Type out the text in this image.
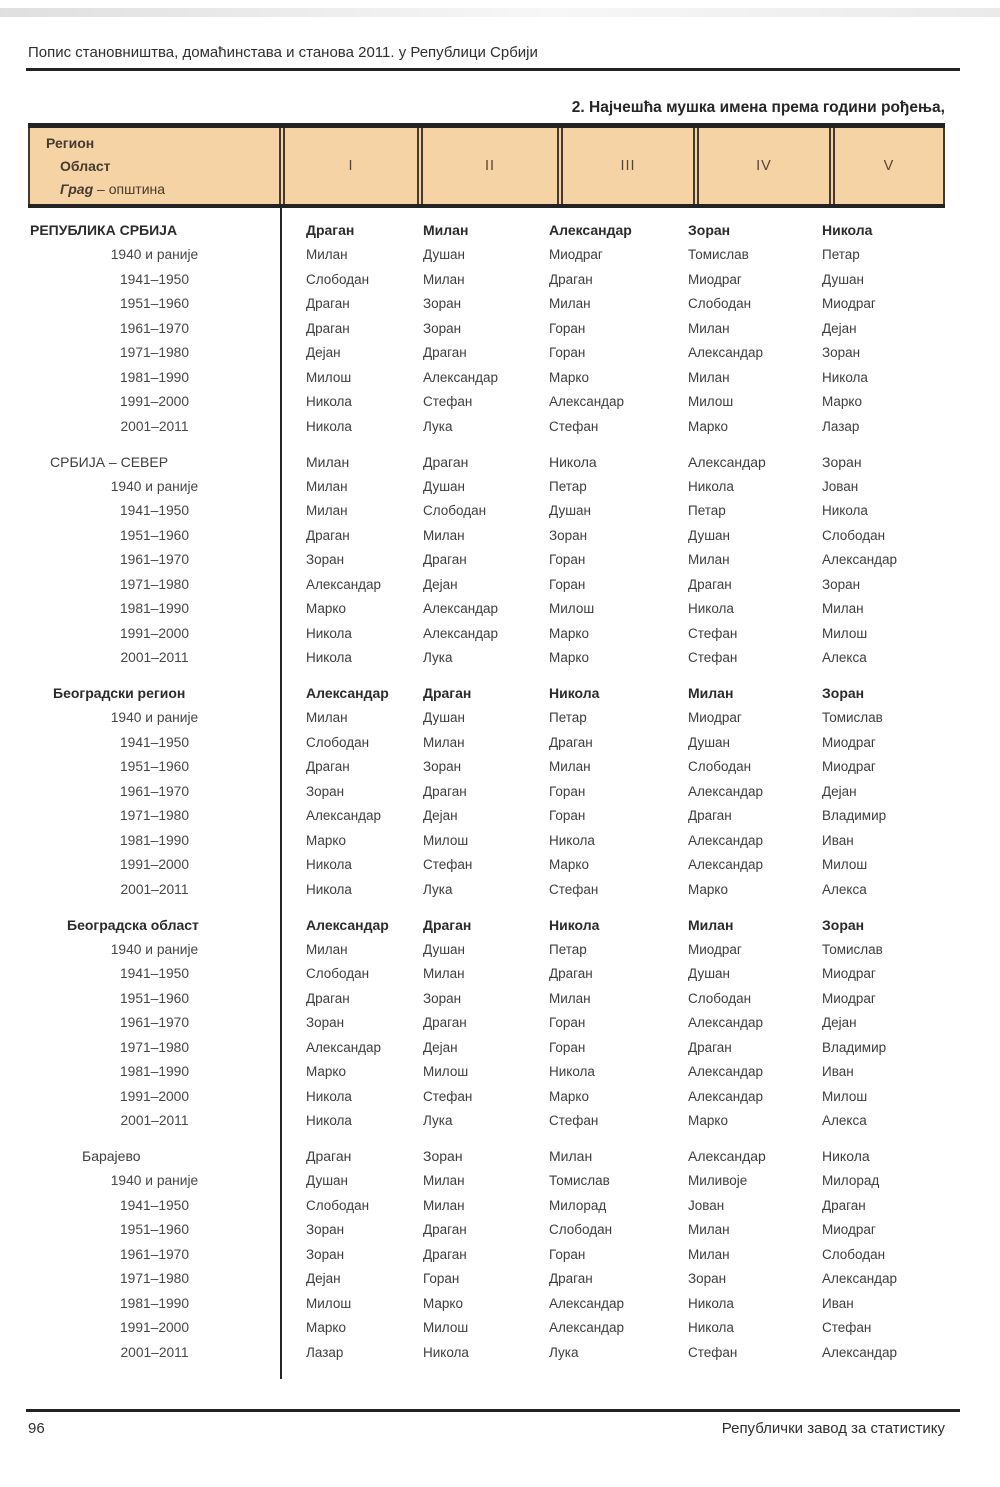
Попис становништва, домаћинстава и станова 2011. у Републици Србији
2. Најчешћа мушка имена према години рођења,
Регион
Област
Град – општина
I	II	III	IV	V
РЕПУБЛИКА СРБИЈА	Драган	Милан	Александар	Зоран	Никола
1940 и раније	Милан	Душан	Миодраг	Томислав	Петар
1941–1950	Слободан	Милан	Драган	Миодраг	Душан
1951–1960	Драган	Зоран	Милан	Слободан	Миодраг
1961–1970	Драган	Зоран	Горан	Милан	Дејан
1971–1980	Дејан	Драган	Горан	Александар	Зоран
1981–1990	Милош	Александар	Марко	Милан	Никола
1991–2000	Никола	Стефан	Александар	Милош	Марко
2001–2011	Никола	Лука	Стефан	Марко	Лазар
СРБИЈА – СЕВЕР	Милан	Драган	Никола	Александар	Зоран
1940 и раније	Милан	Душан	Петар	Никола	Јован
1941–1950	Милан	Слободан	Душан	Петар	Никола
1951–1960	Драган	Милан	Зоран	Душан	Слободан
1961–1970	Зоран	Драган	Горан	Милан	Александар
1971–1980	Александар	Дејан	Горан	Драган	Зоран
1981–1990	Марко	Александар	Милош	Никола	Милан
1991–2000	Никола	Александар	Марко	Стефан	Милош
2001–2011	Никола	Лука	Марко	Стефан	Алекса
Београдски регион	Александар	Драган	Никола	Милан	Зоран
1940 и раније	Милан	Душан	Петар	Миодраг	Томислав
1941–1950	Слободан	Милан	Драган	Душан	Миодраг
1951–1960	Драган	Зоран	Милан	Слободан	Миодраг
1961–1970	Зоран	Драган	Горан	Александар	Дејан
1971–1980	Александар	Дејан	Горан	Драган	Владимир
1981–1990	Марко	Милош	Никола	Александар	Иван
1991–2000	Никола	Стефан	Марко	Александар	Милош
2001–2011	Никола	Лука	Стефан	Марко	Алекса
Београдска област	Александар	Драган	Никола	Милан	Зоран
1940 и раније	Милан	Душан	Петар	Миодраг	Томислав
1941–1950	Слободан	Милан	Драган	Душан	Миодраг
1951–1960	Драган	Зоран	Милан	Слободан	Миодраг
1961–1970	Зоран	Драган	Горан	Александар	Дејан
1971–1980	Александар	Дејан	Горан	Драган	Владимир
1981–1990	Марко	Милош	Никола	Александар	Иван
1991–2000	Никола	Стефан	Марко	Александар	Милош
2001–2011	Никола	Лука	Стефан	Марко	Алекса
Барајево	Драган	Зоран	Милан	Александар	Никола
1940 и раније	Душан	Милан	Томислав	Миливоје	Милорад
1941–1950	Слободан	Милан	Милорад	Јован	Драган
1951–1960	Зоран	Драган	Слободан	Милан	Миодраг
1961–1970	Зоран	Драган	Горан	Милан	Слободан
1971–1980	Дејан	Горан	Драган	Зоран	Александар
1981–1990	Милош	Марко	Александар	Никола	Иван
1991–2000	Марко	Милош	Александар	Никола	Стефан
2001–2011	Лазар	Никола	Лука	Стефан	Александар
96	Републички завод за статистику
